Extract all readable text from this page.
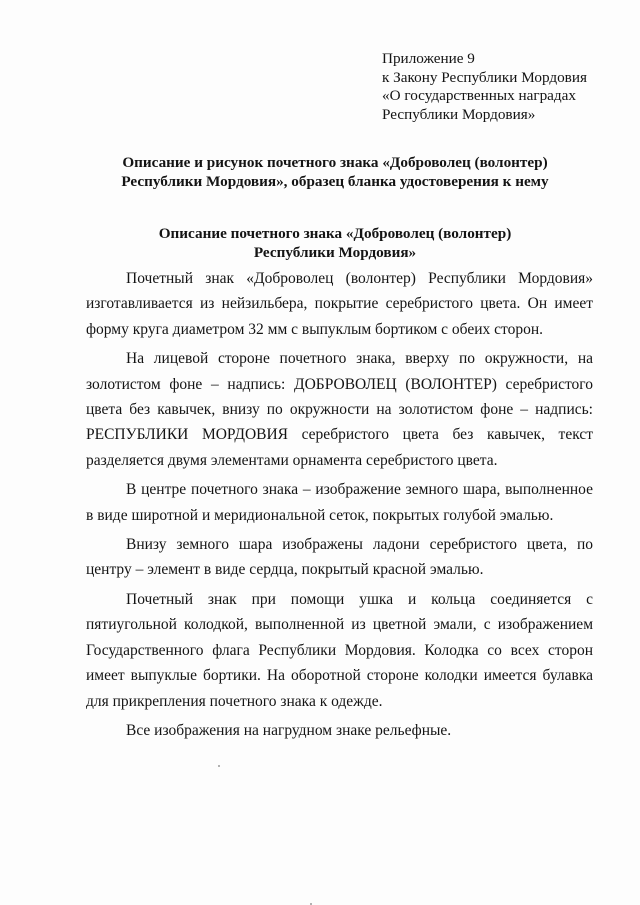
Приложение 9
к Закону Республики Мордовия
«О государственных наградах
Республики Мордовия»
Описание и рисунок почетного знака «Доброволец (волонтер)
Республики Мордовия», образец бланка удостоверения к нему
Описание почетного знака «Доброволец (волонтер)
Республики Мордовия»

Почетный знак «Доброволец (волонтер) Республики Мордовия» изготавливается из нейзильбера, покрытие серебристого цвета. Он имеет форму круга диаметром 32 мм с выпуклым бортиком с обеих сторон.

На лицевой стороне почетного знака, вверху по окружности, на золотистом фоне – надпись: ДОБРОВОЛЕЦ (ВОЛОНТЕР) серебристого цвета без кавычек, внизу по окружности на золотистом фоне – надпись: РЕСПУБЛИКИ МОРДОВИЯ серебристого цвета без кавычек, текст разделяется двумя элементами орнамента серебристого цвета.

В центре почетного знака – изображение земного шара, выполненное в виде широтной и меридиональной сеток, покрытых голубой эмалью.

Внизу земного шара изображены ладони серебристого цвета, по центру – элемент в виде сердца, покрытый красной эмалью.

Почетный знак при помощи ушка и кольца соединяется с пятиугольной колодкой, выполненной из цветной эмали, с изображением Государственного флага Республики Мордовия. Колодка со всех сторон имеет выпуклые бортики. На оборотной стороне колодки имеется булавка для прикрепления почетного знака к одежде.

Все изображения на нагрудном знаке рельефные.
